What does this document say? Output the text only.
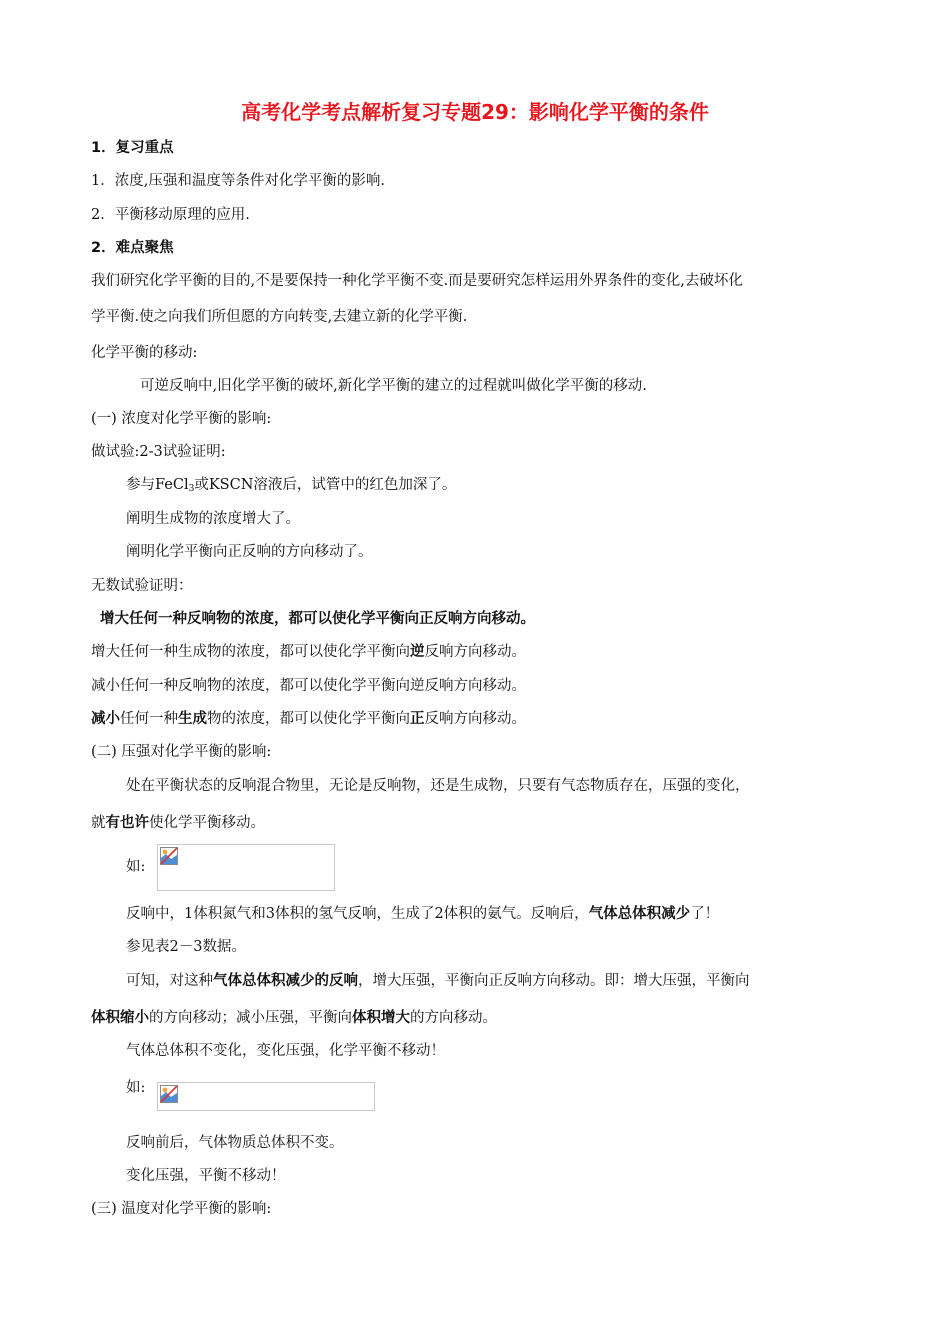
高考化学考点解析复习专题29：影响化学平衡的条件
1．复习重点
1．浓度,压强和温度等条件对化学平衡的影响.
2．平衡移动原理的应用.
2．难点聚焦
我们研究化学平衡的目的,不是要保持一种化学平衡不变.而是要研究怎样运用外界条件的变化,去破坏化
学平衡.使之向我们所但愿的方向转变,去建立新的化学平衡.
化学平衡的移动:
可逆反响中,旧化学平衡的破坏,新化学平衡的建立的过程就叫做化学平衡的移动.
(一) 浓度对化学平衡的影响:
做试验:2-3试验证明:
参与FeCl$_3$或KSCN溶液后，试管中的红色加深了。
阐明生成物的浓度增大了。
阐明化学平衡向正反响的方向移动了。
无数试验证明：
增大任何一种反响物的浓度，都可以使化学平衡向正反响方向移动。
增大任何一种生成物的浓度，都可以使化学平衡向逆反响方向移动。
减小任何一种反响物的浓度，都可以使化学平衡向逆反响方向移动。
减小任何一种生成物的浓度，都可以使化学平衡向正反响方向移动。
(二) 压强对化学平衡的影响:
处在平衡状态的反响混合物里，无论是反响物，还是生成物，只要有气态物质存在，压强的变化，
就有也许使化学平衡移动。
如:
反响中，1体积氮气和3体积的氢气反响，生成了2体积的氨气。反响后，气体总体积减少了！
参见表2－3数据。
可知，对这种气体总体积减少的反响，增大压强，平衡向正反响方向移动。即：增大压强，平衡向
体积缩小的方向移动；减小压强，平衡向体积增大的方向移动。
气体总体积不变化，变化压强，化学平衡不移动！
如:
反响前后，气体物质总体积不变。
变化压强，平衡不移动！
(三) 温度对化学平衡的影响:
